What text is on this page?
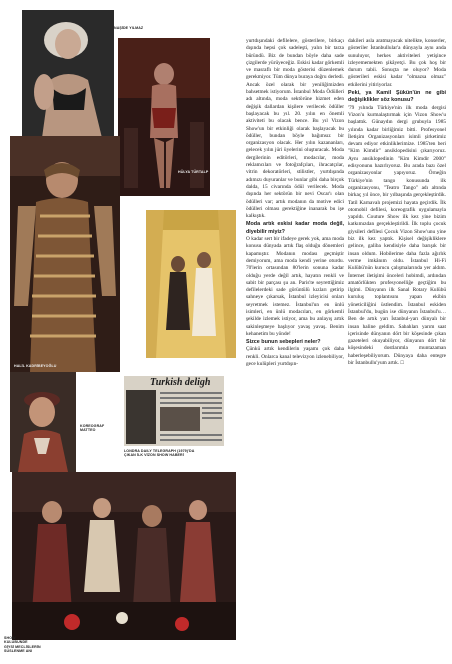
NAŞİDE YILMAZ
HÜLYA TÜRTALP
HALİL KADRİBEYOĞLU
KOREOGRAF
MATTEO
Turkish deligh
LONDRA DAILY TELEGRAPH (1979)'DA
ÇIKAN İLK VİZON SHOW HABERİ
SHOW
KULÜBÜNDE
GİYSİ MECLİSLERİN
SÜSLENME ANI

yurtdışındaki defilelere, gösterilere, birkaçı dışında hepsi çok sadeleşti, yalın bir tarza büründü. Biz de bundan böyle daha sade çizgilerde yürüyeceğiz. Eskisi kadar görkemli ve masraflı bir moda gösterisi düzenlemek gerekmiyor. Tüm dünya buraya doğru derledi. Ancak özel olarak bir yeniliğimizden bahsetmek istiyorum. İstanbul Moda Ödülleri adı altında, moda sektörüne hizmet eden değişik dallardan kişilere verilecek ödüller başlayacak bu yıl. 20. yılın en önemli aktiviteti bu olacak bence. Bu yıl Vizon Show'un bir etkinliği olarak başlayacak bu ödüller, bundan böyle bağımsız bir organizasyon olacak. Her yılın kazananları, gelecek yılın jüri üyelerini oluşturacak. Moda dergilerinin editörleri, modacılar, moda reklamcıları ve fotoğrafçıları, ihracatçılar, vitrin dekoratörleri, stilistler, yurtdışında adımızı duyuranlar ve bunlar gibi daha birçok dalda, 15 civarında ödül verilecek. Moda dışında her sektörün bir nevi Oscar'ı olan ödülleri var; artık modanın da motive edici ödülleri olması gerektiğine inanarak bu işe kalkıştık.

Moda artık eskisi kadar moda değil, diyebilir miyiz?

O kadar sert bir ifadeye gerek yok, ama moda konusu dünyada artık flaş olduğu dönemleri kapamıştır. Modanın modası geçmiştir demiyorum, ama moda kendi yerine oturdu. 70'lerin ortasından 80'lerin sonuna kadar olduğu yerde değil artık, hayatın renkli ve sabit bir parçası şu an. Paris'te seyrettiğimiz defilelerdeki sade görüntülü kızları getirip sahneye çıkarsak, İstanbul izleyicisi onları seyretmek istemez. İstanbul'un en ünlü isimleri, en ünlü modacıları, en görkemli şekilde izlemek istiyor, ama bu anlayış artık sakinleşmeye başlıyor yavaş yavaş. Benim kehanetim bu yönde!

Sizce bunun sebepleri neler?

Çünkü artık kendilerin yaşamı çok daha renkli. Onlarca kanal televizyon izlenebiliyor, gece kulüpleri yurtdışın-

dakileri asla aratmayacak nitelikte, konserler, gösteriler İstanbullular'a dünyayla aynı anda sunuluyor, herkes aktiviteleri yetişince izleyememekten şikâyetçi. Bu çok hoş bir durum tabii. Sonuçta ne oluyor? Moda gösterileri eskisi kadar "olmazsa olmaz" etkilerini yitiriyorlar.

Peki, ya Kamil Şükün'ün ne gibi değişiklikler söz konusu?

'79 yılında Türkiye'nin ilk moda dergisi Vizon'u kurmalaştırmak için Vizon Show'u başlattık. Günaydın dergi grubuyla 1985 yılında kadar birliğimiz bitti. Profesyonel İletişim Organizasyonları isimli şirketimiz devam ediyor etkinliklerimize. 1985'ten beri "Kim Kimdir" ansiklopedisini çıkarıyoruz. Aynı ansiklopedinin "Kim Kimdir 2000" edisyonunu hazırlıyoruz. Bu arada bazı özel organizasyonlar yapıyoruz. Örneğin Türkiye'nin tango konusunda ilk organizasyonu, "Teatro Tango" adı altında birkaç yıl önce, bir yılbaşında gerçekleştirdik. Tatil Karnavalı projemizi hayata geçirdik. İlk otomobil defilesi, koreografik uygulamayla yapıldı. Couture Show ilk kez yine bizim katkımızdan gerçekleştirildi. İlk toplu çocuk giysileri defilesi Çocuk Vizon Show'unu yine biz ilk kez yaptık. Kişisel değişikliklere gelince, galiba kendisiyle daha barışık bir insan oldum. Hobilerime daha fazla ağırlık verme imkânım oldu. İstanbul Hi-Fi Kulübü'nün kurucu çalışmalarında yer aldım. İnternet iletişimi önceleri hobimdi, ardından amatörlükten profesyonelliğe geçtiğim bu ilgimi. Dünyanın ilk Sanal Rotary Kulübü kuruluş toplantısını yapan ekibin yöneticiliğini üstlendim. İstanbul eskiden İstanbul'du, bugün ise dünyanın İstanbul'u… Ben de artık yarı İstanbul-yarı dünyalı bir insan haline geldim. Sabahları yarım saat içerisinde dünyanın dört bir köşesinde çıkan gazeteleri okuyabiliyor, dünyanın dört bir köşesindeki dostlarımla muntazaman haberleşebiliyorum. Dünyaya daha entegre bir İstanbullu'yum artık. □
